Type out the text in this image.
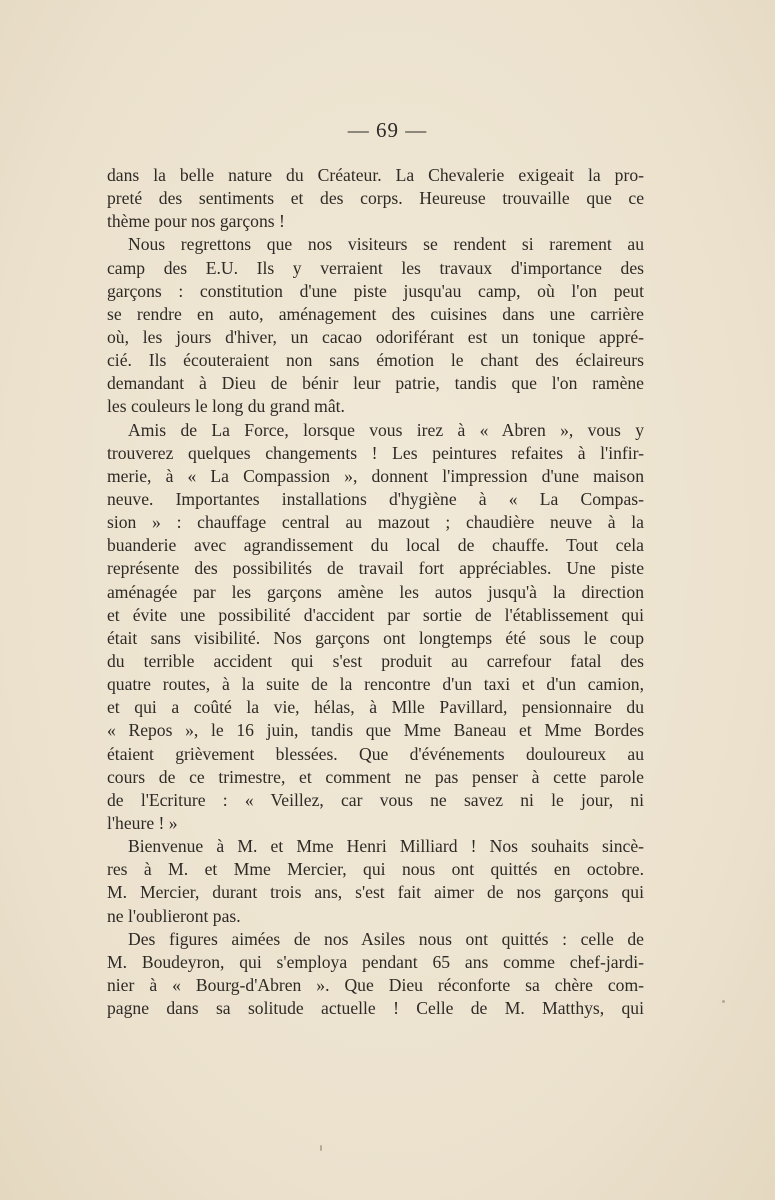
— 69 —
dans la belle nature du Créateur. La Chevalerie exigeait la pro-
preté des sentiments et des corps. Heureuse trouvaille que ce
thème pour nos garçons !
Nous regrettons que nos visiteurs se rendent si rarement au
camp des E.U. Ils y verraient les travaux d'importance des
garçons : constitution d'une piste jusqu'au camp, où l'on peut
se rendre en auto, aménagement des cuisines dans une carrière
où, les jours d'hiver, un cacao odoriférant est un tonique appré-
cié. Ils écouteraient non sans émotion le chant des éclaireurs
demandant à Dieu de bénir leur patrie, tandis que l'on ramène
les couleurs le long du grand mât.
Amis de La Force, lorsque vous irez à « Abren », vous y
trouverez quelques changements ! Les peintures refaites à l'infir-
merie, à « La Compassion », donnent l'impression d'une maison
neuve. Importantes installations d'hygiène à « La Compas-
sion » : chauffage central au mazout ; chaudière neuve à la
buanderie avec agrandissement du local de chauffe. Tout cela
représente des possibilités de travail fort appréciables. Une piste
aménagée par les garçons amène les autos jusqu'à la direction
et évite une possibilité d'accident par sortie de l'établissement qui
était sans visibilité. Nos garçons ont longtemps été sous le coup
du terrible accident qui s'est produit au carrefour fatal des
quatre routes, à la suite de la rencontre d'un taxi et d'un camion,
et qui a coûté la vie, hélas, à Mlle Pavillard, pensionnaire du
« Repos », le 16 juin, tandis que Mme Baneau et Mme Bordes
étaient grièvement blessées. Que d'événements douloureux au
cours de ce trimestre, et comment ne pas penser à cette parole
de l'Ecriture : « Veillez, car vous ne savez ni le jour, ni
l'heure ! »
Bienvenue à M. et Mme Henri Milliard ! Nos souhaits sincè-
res à M. et Mme Mercier, qui nous ont quittés en octobre.
M. Mercier, durant trois ans, s'est fait aimer de nos garçons qui
ne l'oublieront pas.
Des figures aimées de nos Asiles nous ont quittés : celle de
M. Boudeyron, qui s'employa pendant 65 ans comme chef-jardi-
nier à « Bourg-d'Abren ». Que Dieu réconforte sa chère com-
pagne dans sa solitude actuelle ! Celle de M. Matthys, qui
